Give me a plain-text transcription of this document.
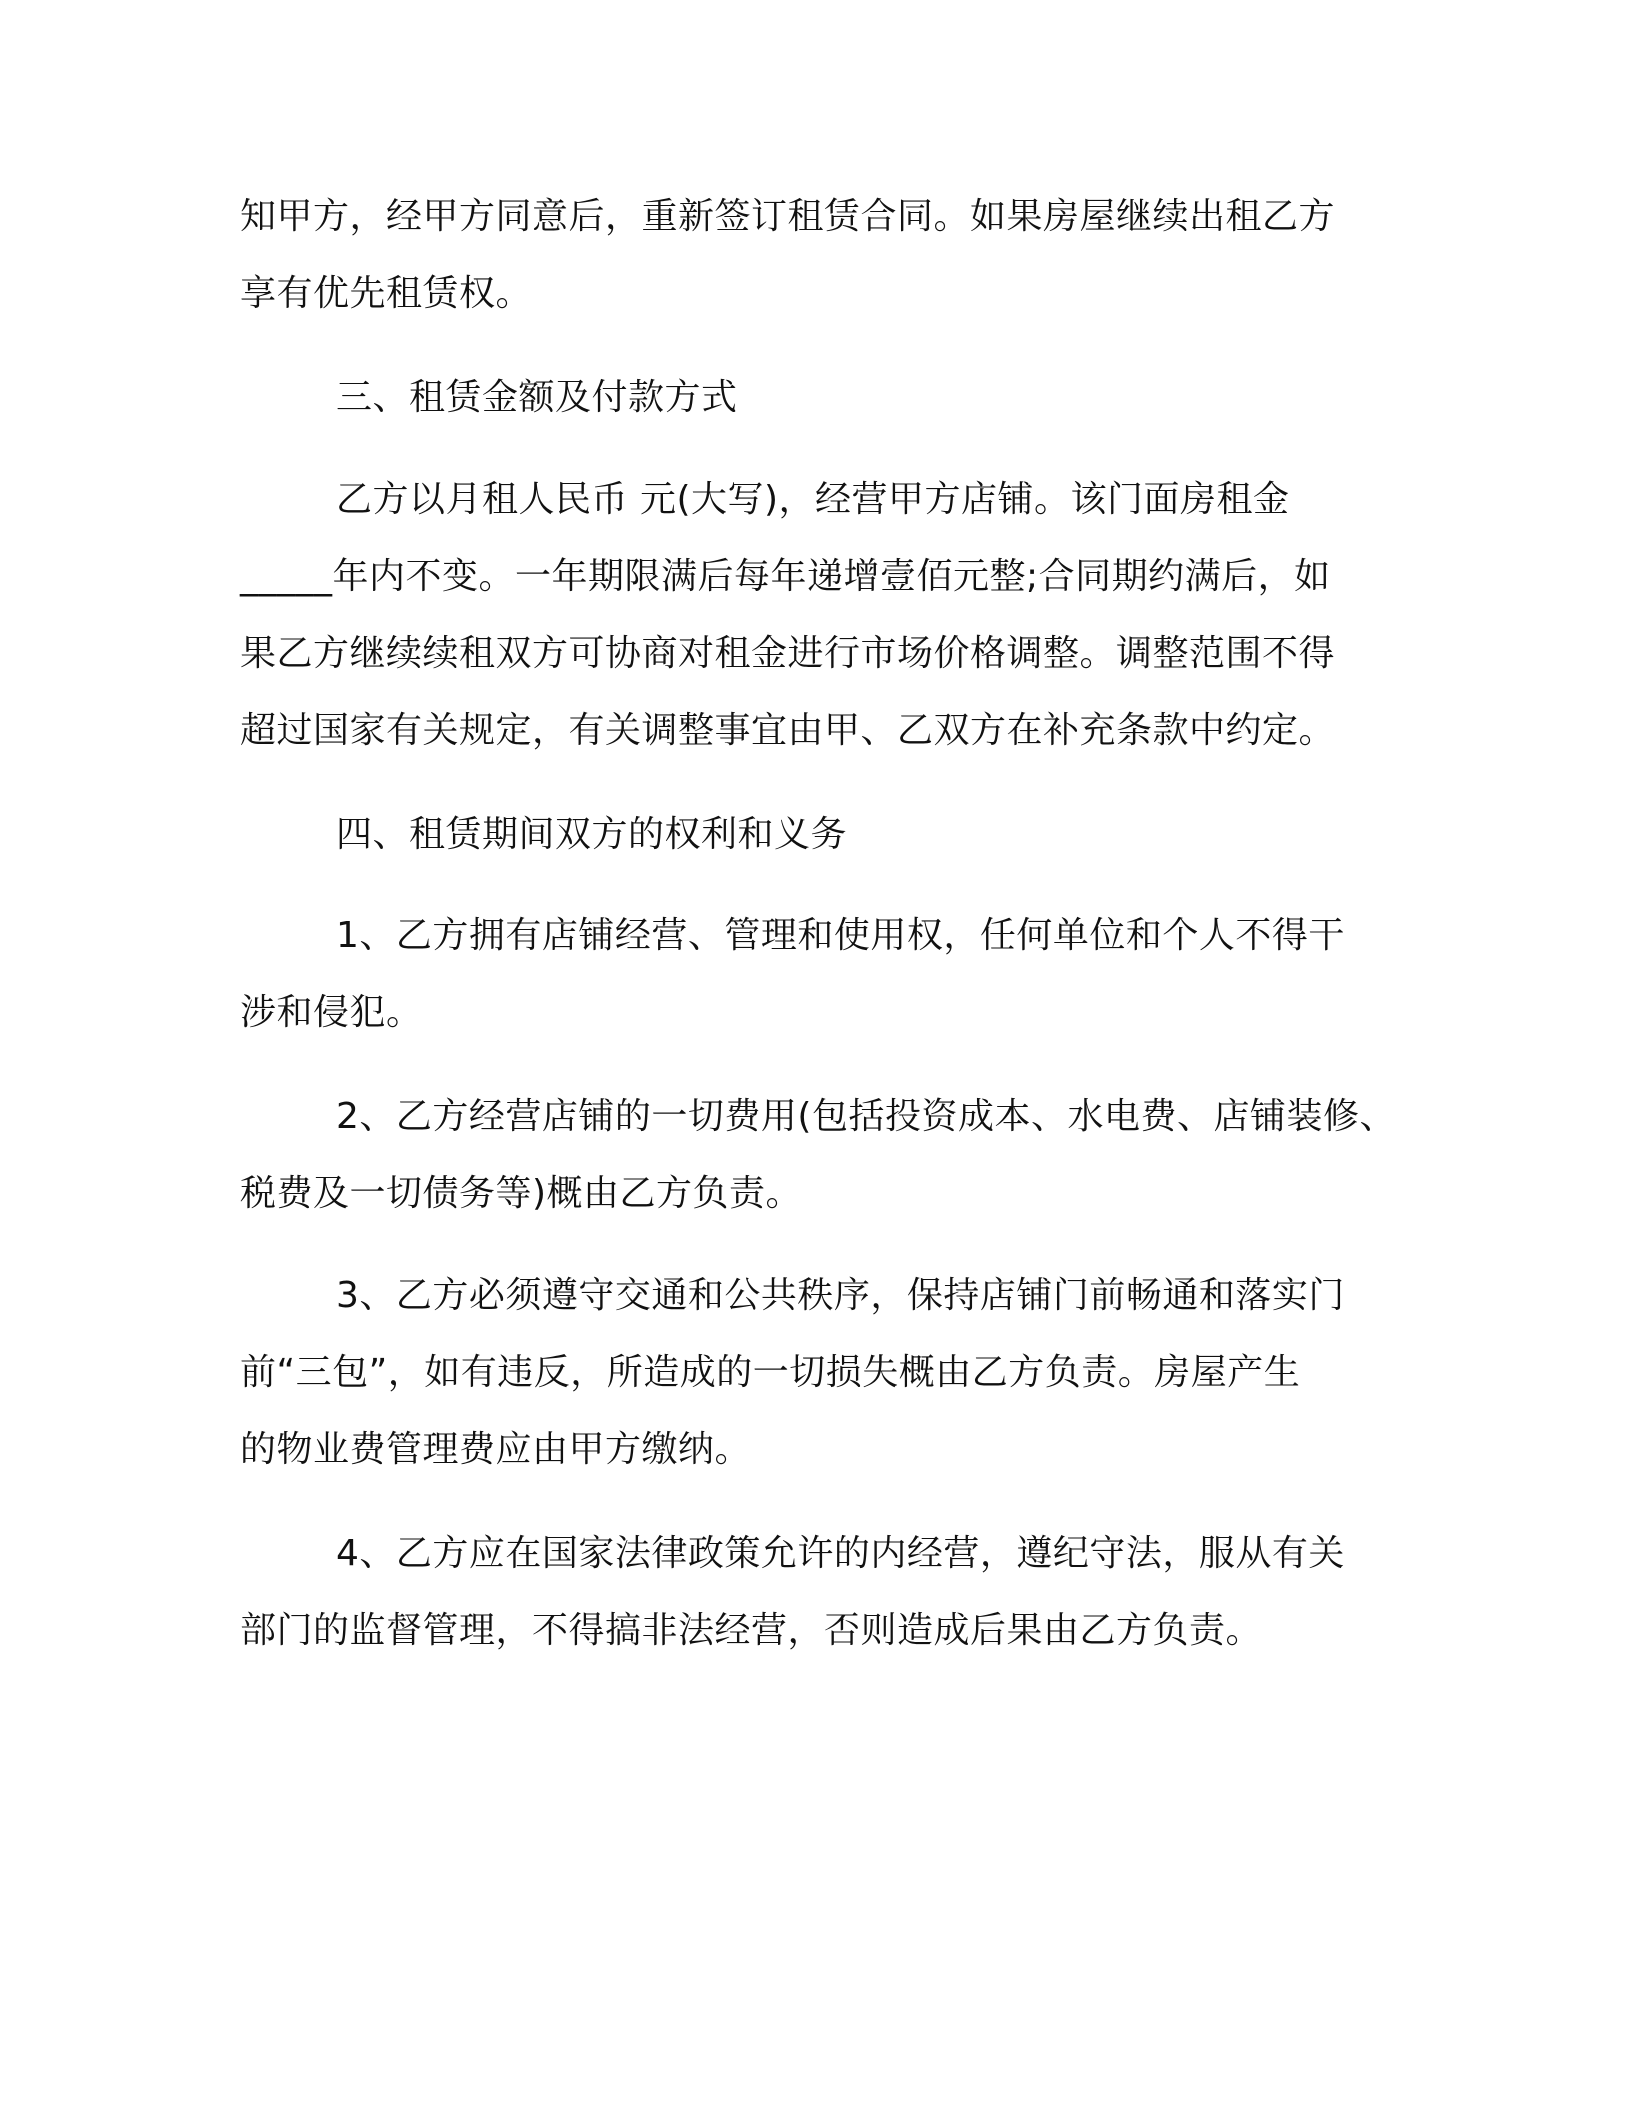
知甲方，经甲方同意后，重新签订租赁合同。如果房屋继续出租乙方

享有优先租赁权。

三、租赁金额及付款方式

乙方以月租人民币 元(大写)，经营甲方店铺。该门面房租金

_____年内不变。一年期限满后每年递增壹佰元整;合同期约满后，如

果乙方继续续租双方可协商对租金进行市场价格调整。调整范围不得

超过国家有关规定，有关调整事宜由甲、乙双方在补充条款中约定。

四、租赁期间双方的权利和义务

1、乙方拥有店铺经营、管理和使用权，任何单位和个人不得干

涉和侵犯。

2、乙方经营店铺的一切费用(包括投资成本、水电费、店铺装修、

税费及一切债务等)概由乙方负责。

3、乙方必须遵守交通和公共秩序，保持店铺门前畅通和落实门

前“三包”，如有违反，所造成的一切损失概由乙方负责。房屋产生

的物业费管理费应由甲方缴纳。

4、乙方应在国家法律政策允许的内经营，遵纪守法，服从有关

部门的监督管理，不得搞非法经营，否则造成后果由乙方负责。
